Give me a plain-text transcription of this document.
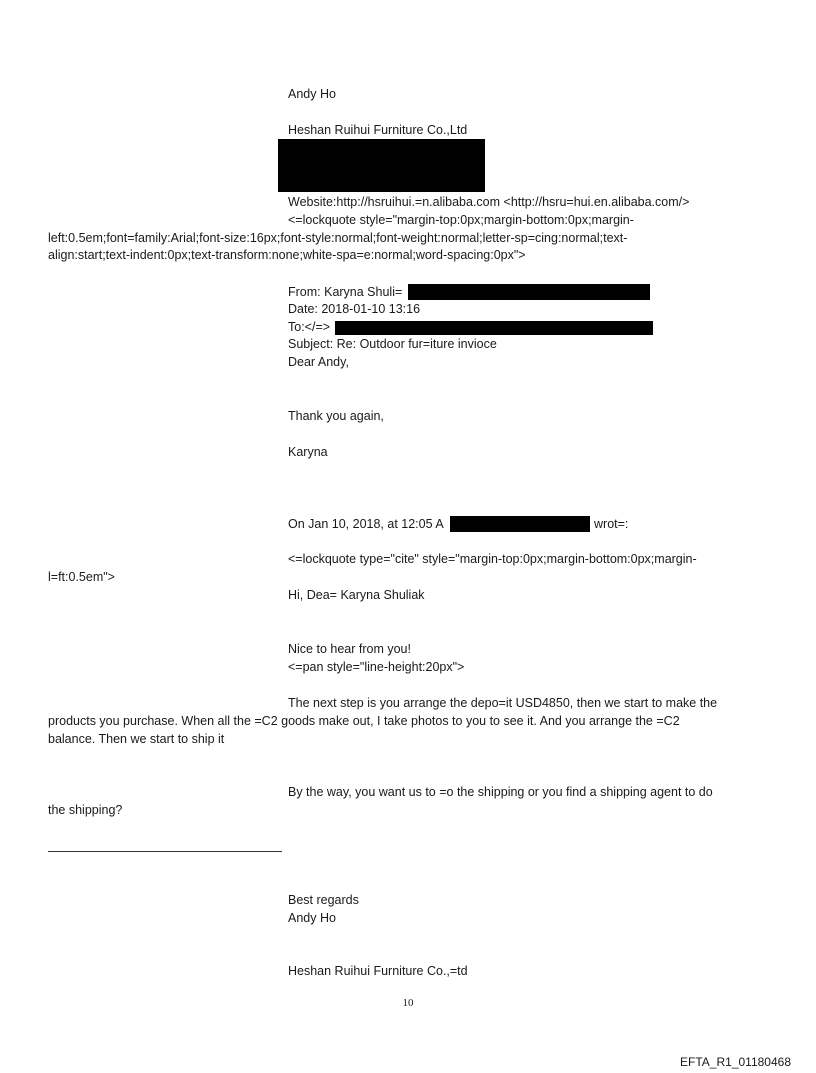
Andy Ho
Heshan Ruihui Furniture Co.,Ltd
Website:http://hsruihui.=n.alibaba.com <http://hsru=hui.en.alibaba.com/>
<=lockquote style="margin-top:0px;margin-bottom:0px;margin-
left:0.5em;font=family:Arial;font-size:16px;font-style:normal;font-weight:normal;letter-sp=cing:normal;text-
align:start;text-indent:0px;text-transform:none;white-spa=e:normal;word-spacing:0px">
From: Karyna Shuli=
Date: 2018-01-10 13:16
To:</=>
Subject: Re: Outdoor fur=iture invioce
Dear Andy,
Thank you again,
Karyna
On Jan 10, 2018, at 12:05 A	wrot=:
<=lockquote type="cite" style="margin-top:0px;margin-bottom:0px;margin-
l=ft:0.5em">
Hi, Dea= Karyna Shuliak
Nice to hear from you!
<=pan style="line-height:20px">
The next step is you arrange the depo=it USD4850, then we start to make the
products you purchase. When all the =C2 goods make out, I take photos to you to see it. And you arrange the =C2
balance. Then we start to ship it
By the way, you want us to =o the shipping or you find a shipping agent to do
the shipping?
Best regards
Andy Ho
Heshan Ruihui Furniture Co.,=td
10
EFTA_R1_01180468
